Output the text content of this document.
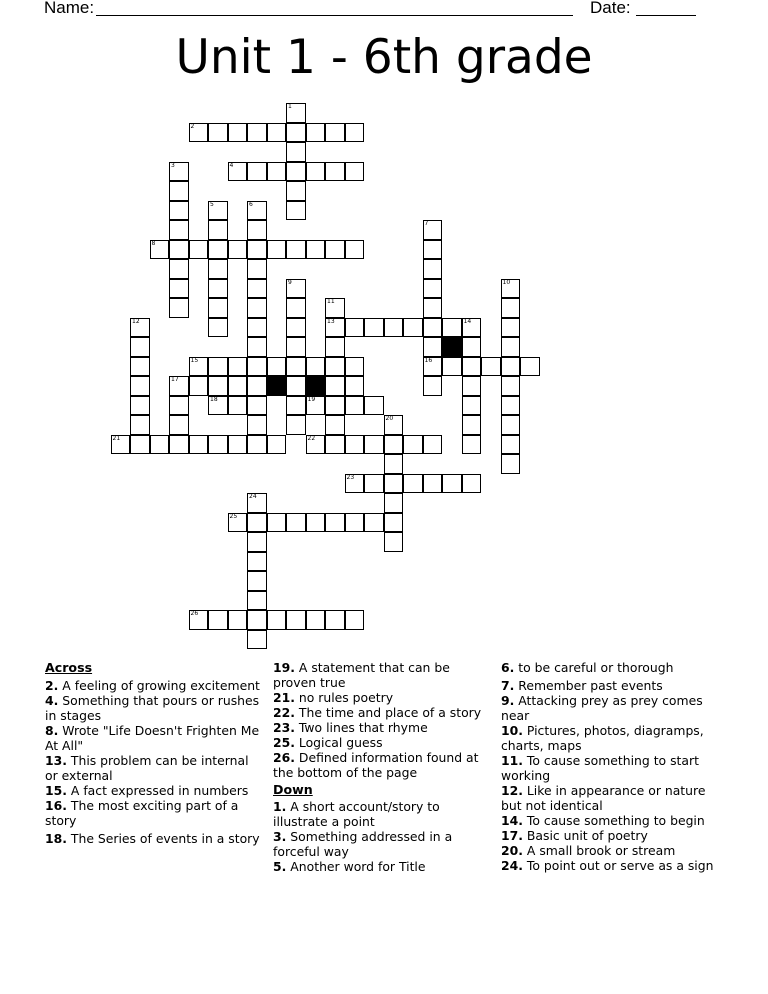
Name:	Date:
Unit 1 - 6th grade
1
2
3	4
5	6
7
16
8
9	10
11
13
12	14
15
17
18	19
20
21	22
23
25
26
24
Across

2. A feeling of growing excitement

4. Something that pours or rushes in stages

8. Wrote "Life Doesn't Frighten Me At All"

13. This problem can be internal or external

15. A fact expressed in numbers

16. The most exciting part of a story

18. The Series of events in a story

19. A statement that can be proven true

21. no rules poetry

22. The time and place of a story

23. Two lines that rhyme

25. Logical guess

26. Defined information found at the bottom of the page

Down

1. A short account/story to illustrate a point

3. Something addressed in a forceful way

5. Another word for Title

6. to be careful or thorough

7. Remember past events

9. Attacking prey as prey comes near

10. Pictures, photos, diagramps, charts, maps

11. To cause something to start working

12. Like in appearance or nature but not identical

14. To cause something to begin

17. Basic unit of poetry

20. A small brook or stream

24. To point out or serve as a sign
